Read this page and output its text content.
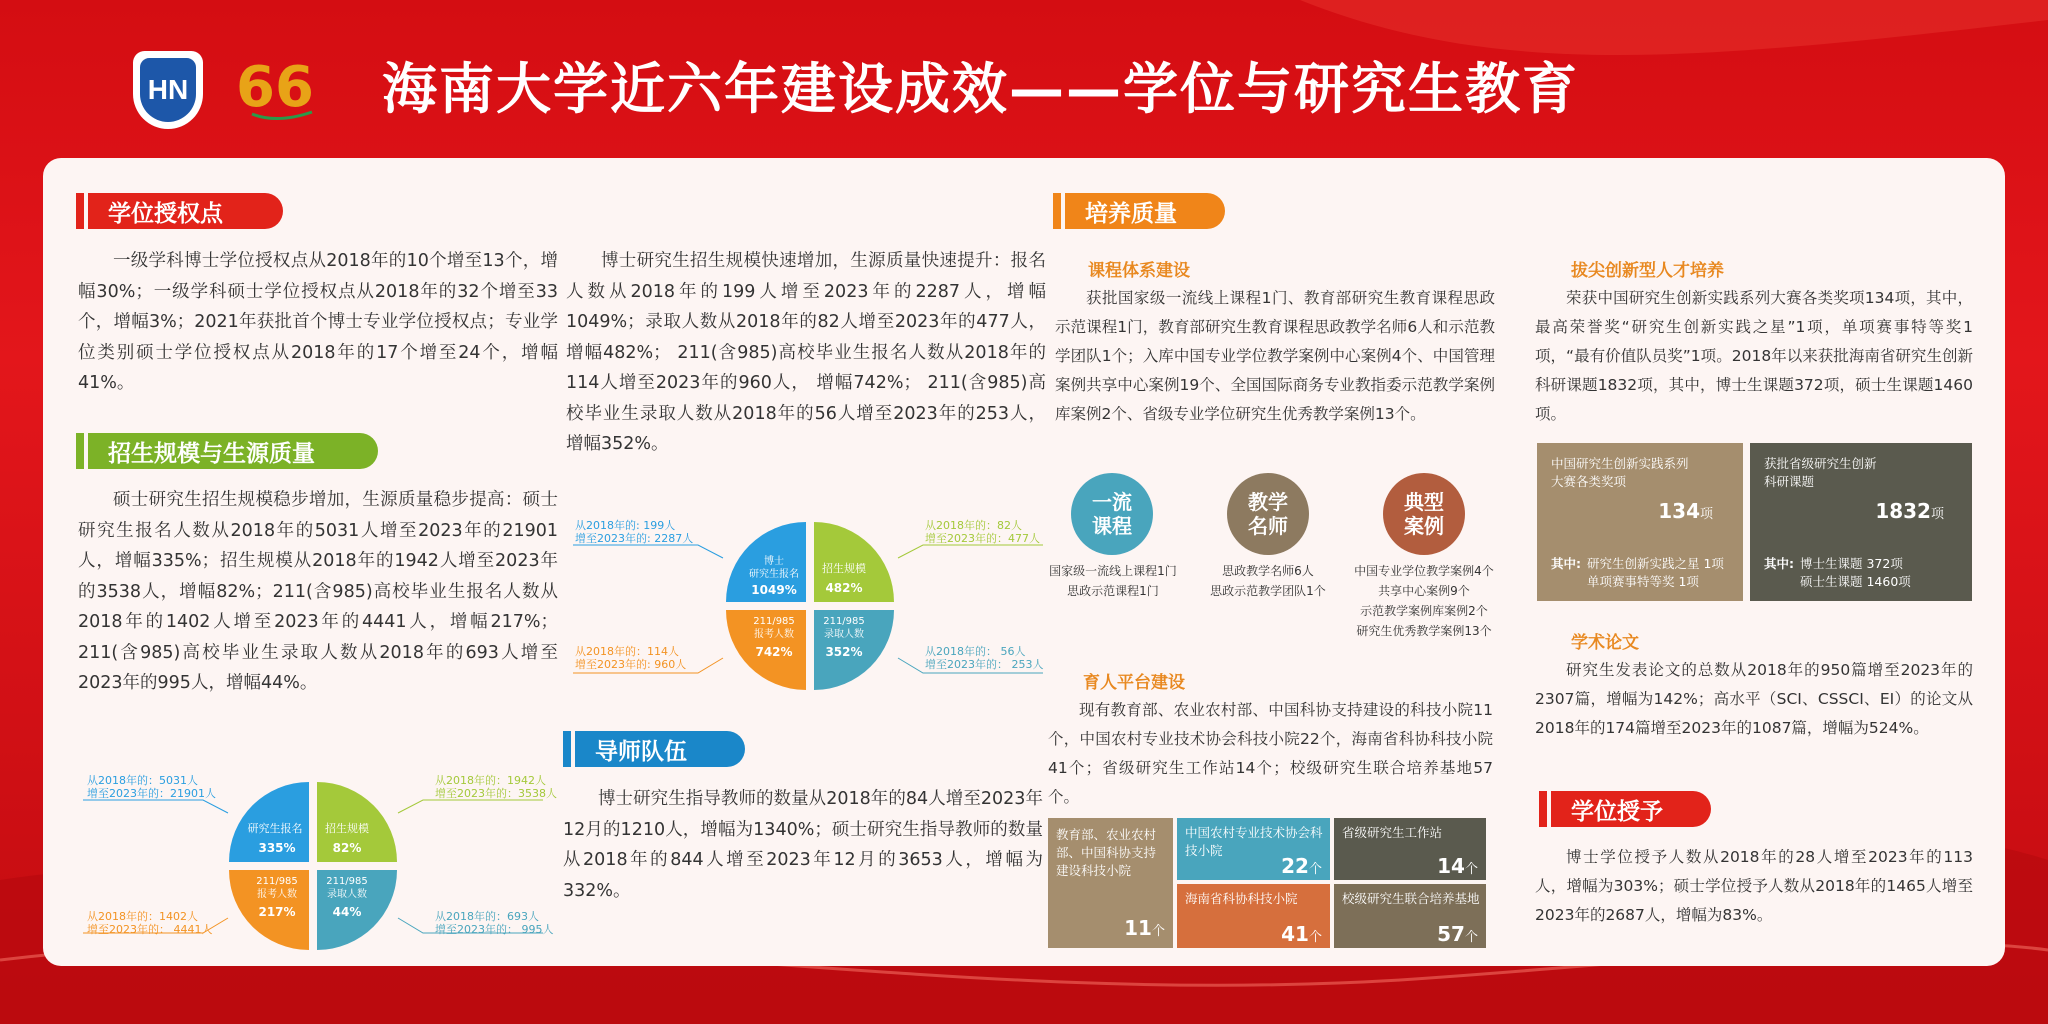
HN 66 海南大学近六年建设成效——学位与研究生教育
学位授权点
一级学科博士学位授权点从2018年的10个增至13个，增幅30%；一级学科硕士学位授权点从2018年的32个增至33个，增幅3%；2021年获批首个博士专业学位授权点；专业学位类别硕士学位授权点从2018年的17个增至24个，增幅41%。
招生规模与生源质量
硕士研究生招生规模稳步增加，生源质量稳步提高：硕士研究生报名人数从2018年的5031人增至2023年的21901人，增幅335%；招生规模从2018年的1942人增至2023年的3538人，增幅82%；211(含985)高校毕业生报名人数从2018年的1402人增至2023年的4441人，增幅217%；211(含985)高校毕业生录取人数从2018年的693人增至2023年的995人，增幅44%。
研究生报名
335%
招生规模
82%
211/985
报考人数
217%
211/985
录取人数
44%
从2018年的：5031人
增至2023年的：21901人
从2018年的：1942人
增至2023年的：3538人
从2018年的：1402人
增至2023年的： 4441人
从2018年的：693人
增至2023年的： 995人
博士研究生招生规模快速增加，生源质量快速提升：报名人数从2018年的199人增至2023年的2287人，增幅1049%；录取人数从2018年的82人增至2023年的477人，增幅482%； 211(含985)高校毕业生报名人数从2018年的114人增至2023年的960人， 增幅742%； 211(含985)高校毕业生录取人数从2018年的56人增至2023年的253人， 增幅352%。
博士
研究生报名
1049%
招生规模
482%
211/985
报考人数
742%
211/985
录取人数
352%
从2018年的: 199人
增至2023年的: 2287人
从2018年的：82人
增至2023年的：477人
从2018年的：114人
增至2023年的: 960人
从2018年的： 56人
增至2023年的： 253人
导师队伍
博士研究生指导教师的数量从2018年的84人增至2023年12月的1210人，增幅为1340%；硕士研究生指导教师的数量从2018年的844人增至2023年12月的3653人，增幅为332%。
培养质量
课程体系建设
获批国家级一流线上课程1门、教育部研究生教育课程思政示范课程1门，教育部研究生教育课程思政教学名师6人和示范教学团队1个；入库中国专业学位教学案例中心案例4个、中国管理案例共享中心案例19个、全国国际商务专业教指委示范教学案例库案例2个、省级专业学位研究生优秀教学案例13个。
一流
课程
国家级一流线上课程1门
思政示范课程1门
教学
名师
思政教学名师6人
思政示范教学团队1个
典型
案例
中国专业学位教学案例4个
共享中心案例9个
示范教学案例库案例2个
研究生优秀教学案例13个
育人平台建设
现有教育部、农业农村部、中国科协支持建设的科技小院11个，中国农村专业技术协会科技小院22个，海南省科协科技小院41个；省级研究生工作站14个；校级研究生联合培养基地57个。
教育部、农业农村部、中国科协支持建设科技小院
11个
中国农村专业技术协会科技小院
22个
省级研究生工作站
14个
海南省科协科技小院
41个
校级研究生联合培养基地
57个
拔尖创新型人才培养
荣获中国研究生创新实践系列大赛各类奖项134项，其中，最高荣誉奖“研究生创新实践之星”1项，单项赛事特等奖1项，“最有价值队员奖”1项。2018年以来获批海南省研究生创新科研课题1832项，其中，博士生课题372项，硕士生课题1460项。
中国研究生创新实践系列
大赛各类奖项
134项
其中: 研究生创新实践之星 1项
单项赛事特等奖 1项
获批省级研究生创新
科研课题
1832项
其中: 博士生课题 372项
硕士生课题 1460项
学术论文
研究生发表论文的总数从2018年的950篇增至2023年的2307篇，增幅为142%；高水平（SCI、CSSCI、EI）的论文从2018年的174篇增至2023年的1087篇，增幅为524%。
学位授予
博士学位授予人数从2018年的28人增至2023年的113人，增幅为303%；硕士学位授予人数从2018年的1465人增至2023年的2687人，增幅为83%。
